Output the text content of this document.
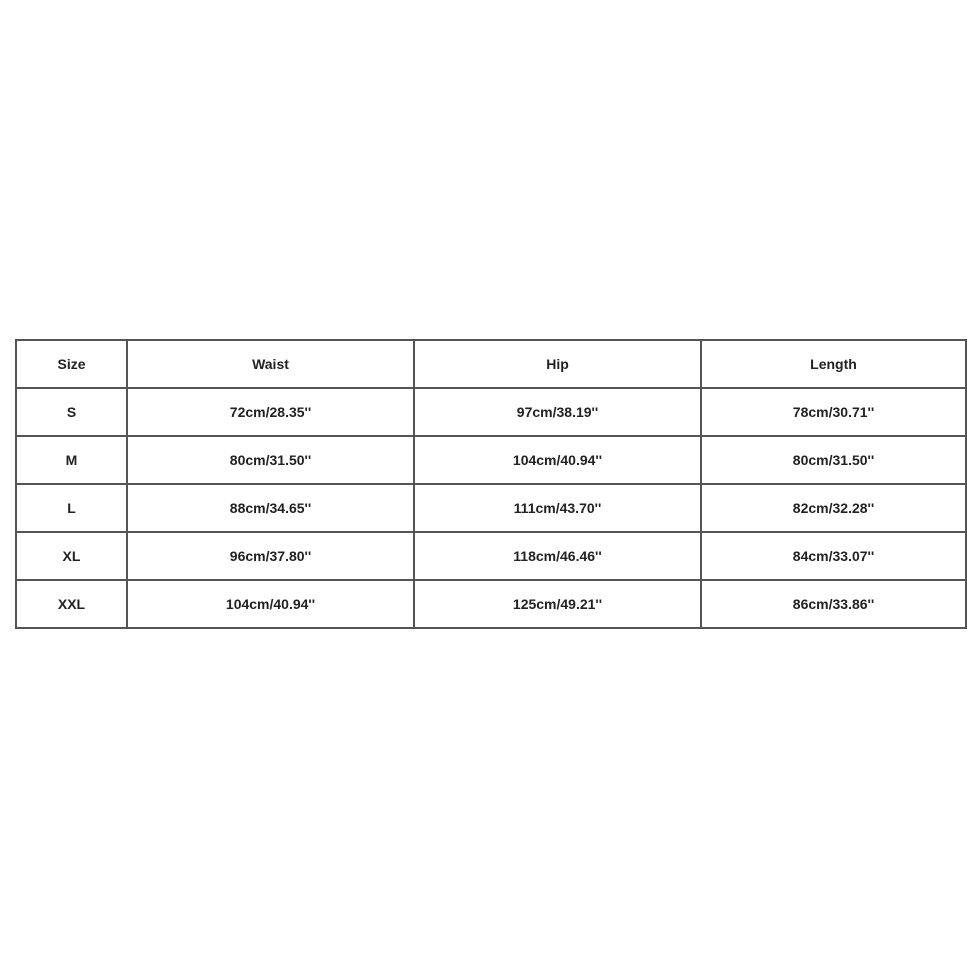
Size	Waist	Hip	Length
S	72cm/28.35''	97cm/38.19''	78cm/30.71''
M	80cm/31.50''	104cm/40.94''	80cm/31.50''
L	88cm/34.65''	111cm/43.70''	82cm/32.28''
XL	96cm/37.80''	118cm/46.46''	84cm/33.07''
XXL	104cm/40.94''	125cm/49.21''	86cm/33.86''
